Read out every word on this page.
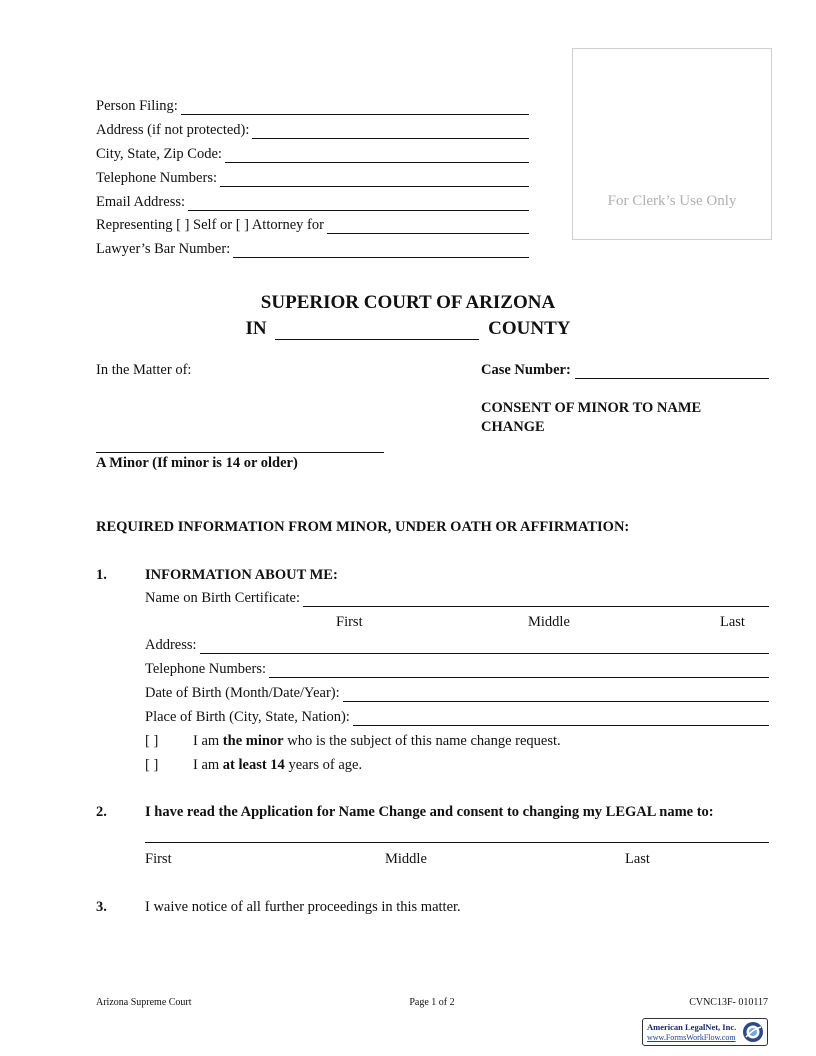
Person Filing:
Address (if not protected):
City, State, Zip Code:
Telephone Numbers:
Email Address:
Representing [ ] Self or [ ] Attorney for
Lawyer’s Bar Number:
For Clerk’s Use Only
SUPERIOR COURT OF ARIZONA
IN	COUNTY
In the Matter of:	Case Number:
CONSENT OF MINOR TO NAME
CHANGE
A Minor (If minor is 14 or older)
REQUIRED INFORMATION FROM MINOR, UNDER OATH OR AFFIRMATION:
1.	INFORMATION ABOUT ME:
Name on Birth Certificate:
First	Middle	Last
Address:
Telephone Numbers:
Date of Birth (Month/Date/Year):
Place of Birth (City, State, Nation):
[ ] I am the minor who is the subject of this name change request.
[ ] I am at least 14 years of age.
2.	I have read the Application for Name Change and consent to changing my LEGAL name to:
First	Middle	Last
3.	I waive notice of all further proceedings in this matter.
Arizona Supreme Court	Page 1 of 2	CVNC13F- 010117
American LegalNet, Inc.
www.FormsWorkFlow.com
